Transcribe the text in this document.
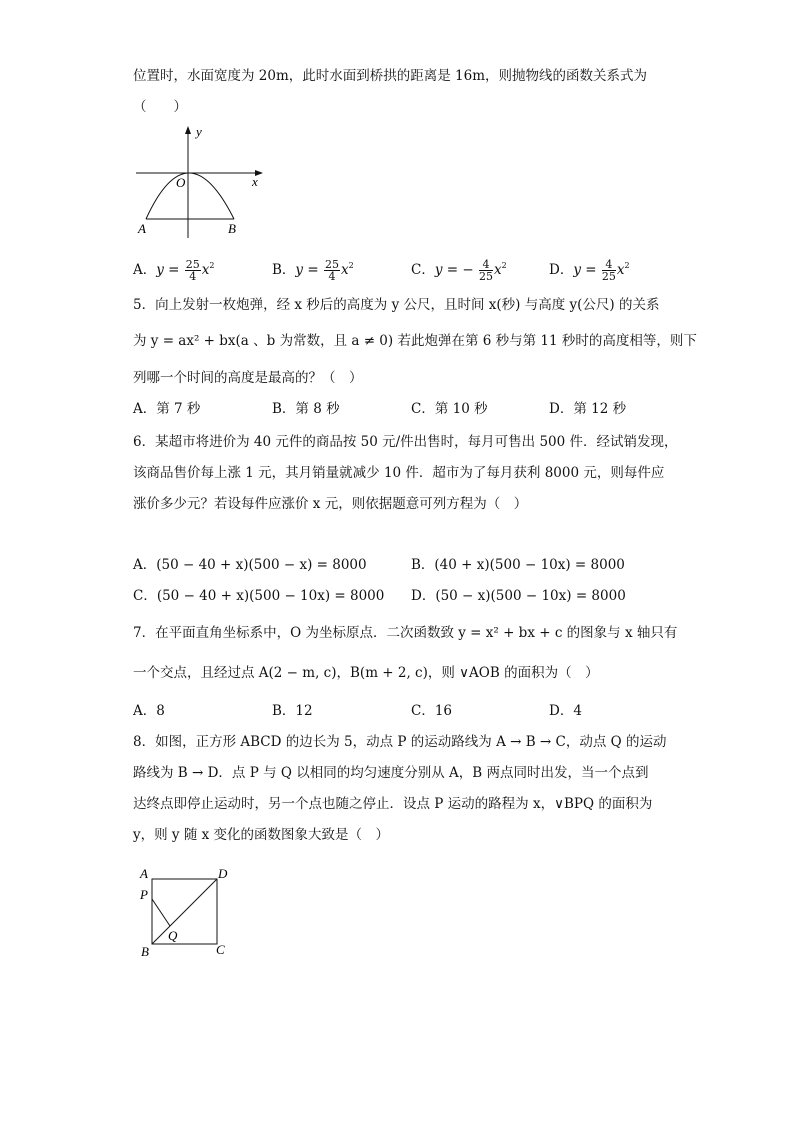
位置时，水面宽度为 20m，此时水面到桥拱的距离是 16m，则抛物线的函数关系式为
（　　）
y
x
O
A	B
A．$y = \frac{25}{4} x^2$	B．$y = \frac{25}{4} x^2$	C．y = − $\frac{4}{25} x^2$	D．$y = \frac{4}{25} x^2$
5．向上发射一枚炮弹，经 x 秒后的高度为 y 公尺，且时间 x(秒) 与高度 y(公尺) 的关系
为 y = ax² + bx(a 、b 为常数，且 a ≠ 0) 若此炮弹在第 6 秒与第 11 秒时的高度相等，则下
列哪一个时间的高度是最高的？（　）
A．第 7 秒	B．第 8 秒	C．第 10 秒	D．第 12 秒
6．某超市将进价为 40 元件的商品按 50 元/件出售时，每月可售出 500 件．经试销发现，
该商品售价每上涨 1 元，其月销量就减少 10 件．超市为了每月获利 8000 元，则每件应
涨价多少元？若设每件应涨价 x 元，则依据题意可列方程为（　）
A．(50 − 40 + x)(500 − x) = 8000	B．(40 + x)(500 − 10x) = 8000
C．(50 − 40 + x)(500 − 10x) = 8000 D．(50 − x)(500 − 10x) = 8000
7．在平面直角坐标系中，O 为坐标原点．二次函数致 y = x² + bx + c 的图象与 x 轴只有
一个交点，且经过点 A(2 − m, c)，B(m + 2, c)，则 ∨AOB 的面积为（　）
A．8	B．12	C．16	D．4
8．如图，正方形 ABCD 的边长为 5，动点 P 的运动路线为 A → B → C，动点 Q 的运动
路线为 B → D．点 P 与 Q 以相同的均匀速度分别从 A，B 两点同时出发，当一个点到
达终点即停止运动时，另一个点也随之停止．设点 P 运动的路程为 x，∨BPQ 的面积为
y，则 y 随 x 变化的函数图象大致是（　）
A	D
P
Q
B	C
